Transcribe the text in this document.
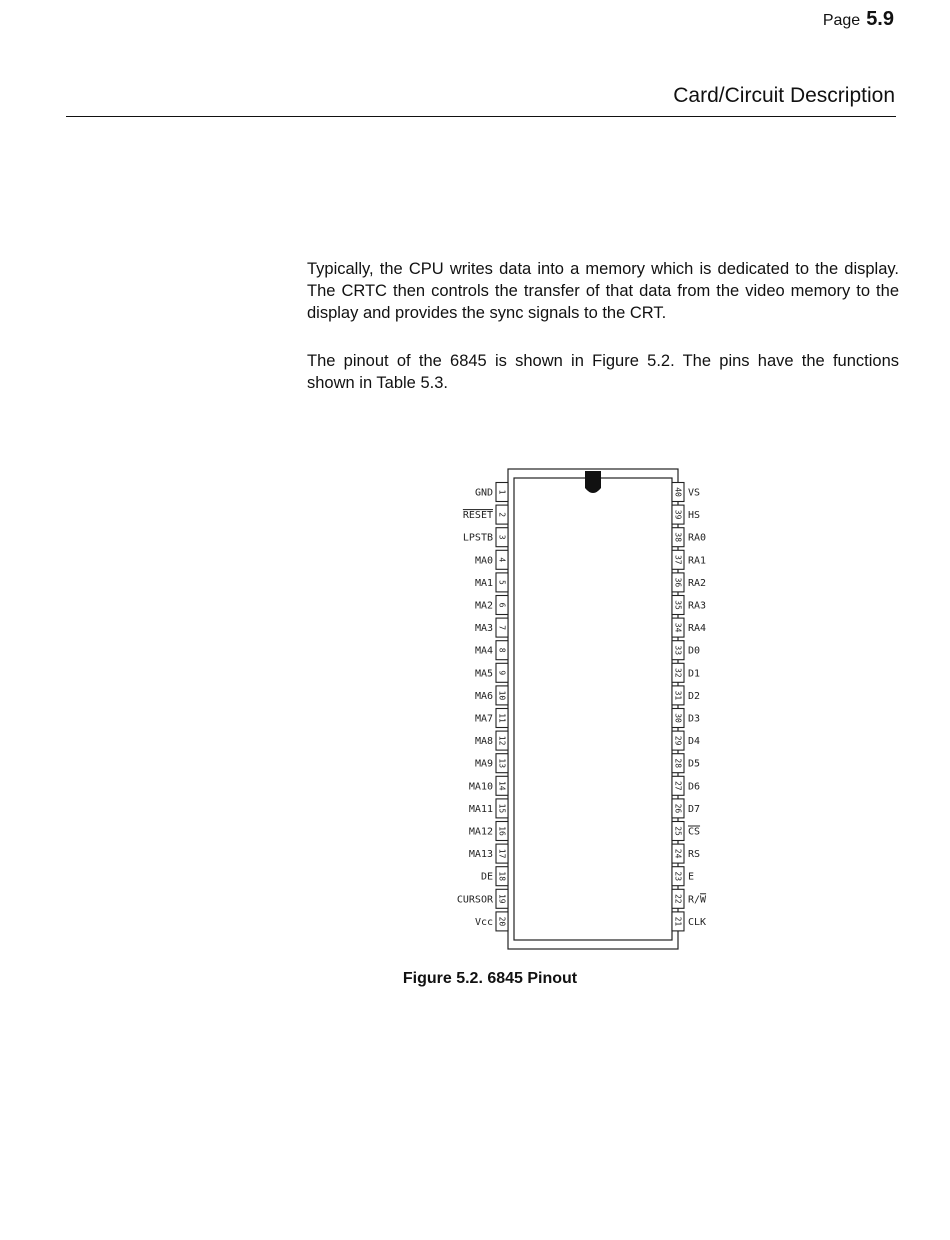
Page 5.9
Card/Circuit Description

Typically, the CPU writes data into a memory which is dedicated to the display. The CRTC then controls the transfer of that data from the video memory to the display and provides the sync signals to the CRT.

The pinout of the 6845 is shown in Figure 5.2. The pins have the functions shown in Table 5.3.

1
GND
2
RESET
3
LPSTB
4
MA0
5
MA1
6
MA2
7
MA3
8
MA4
9
MA5
10
MA6
11
MA7
12
MA8
13
MA9
14
MA10
15
MA11
16
MA12
17
MA13
18
DE
19
CURSOR
20
Vcc
40 VS
39 HS
38 RA0
37 RA1
36 RA2
35 RA3
34 RA4
33 D0
32 D1
31 D2
30 D3
29 D4
28 D5
27 D6
26 D7
25 CS
24 RS
23 E
22 R/W
21 CLK

Figure 5.2. 6845 Pinout
